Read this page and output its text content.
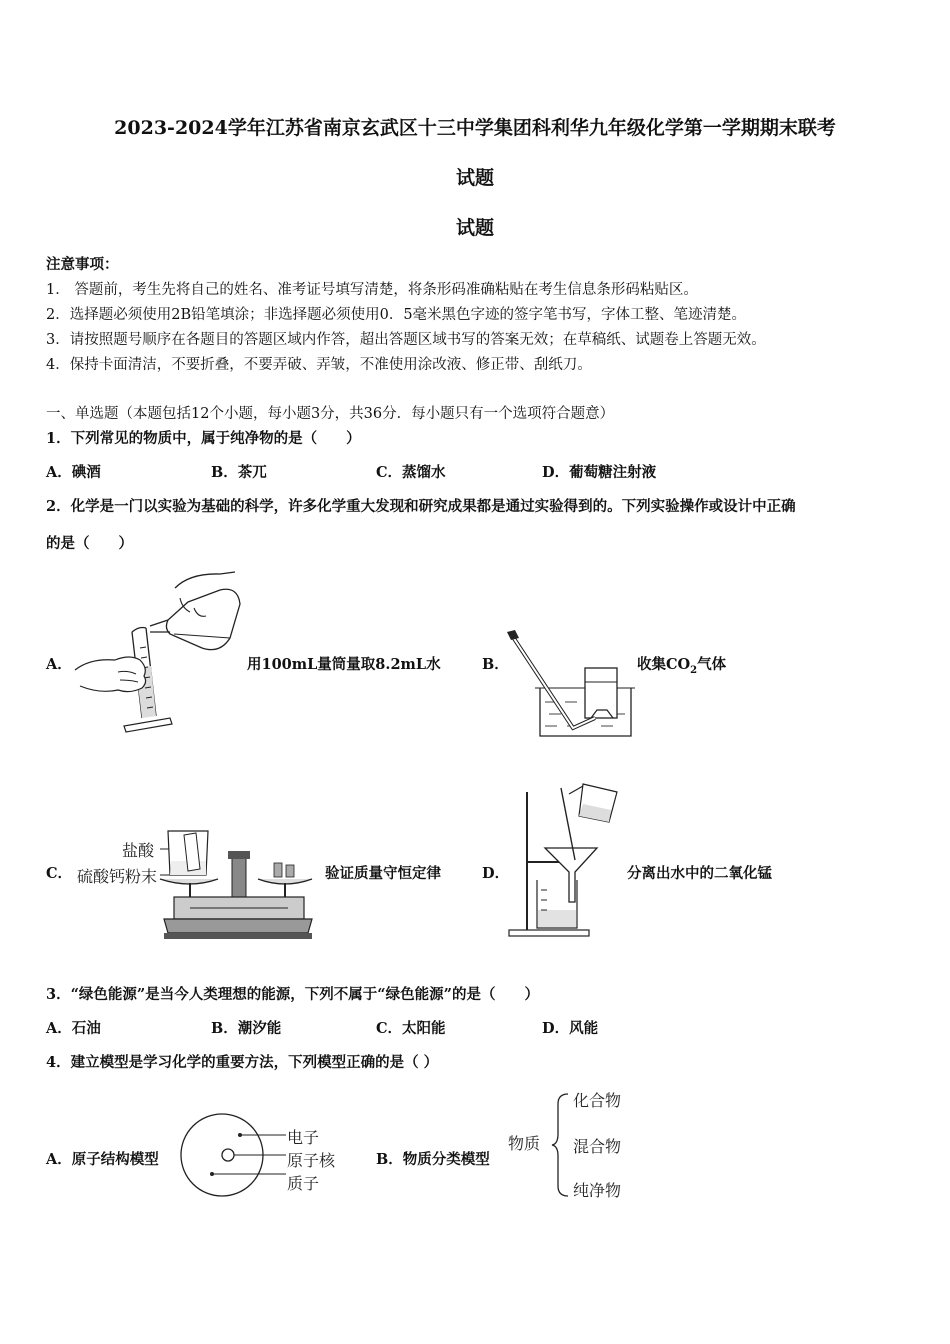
2023-2024学年江苏省南京玄武区十三中学集团科利华九年级化学第一学期期末联考
试题
试题
注意事项：
1． 答题前，考生先将自己的姓名、准考证号填写清楚，将条形码准确粘贴在考生信息条形码粘贴区。
2．选择题必须使用2B铅笔填涂；非选择题必须使用0．5毫米黑色字迹的签字笔书写，字体工整、笔迹清楚。
3．请按照题号顺序在各题目的答题区域内作答，超出答题区域书写的答案无效；在草稿纸、试题卷上答题无效。
4．保持卡面清洁，不要折叠，不要弄破、弄皱，不准使用涂改液、修正带、刮纸刀。
一、单选题（本题包括12个小题，每小题3分，共36分．每小题只有一个选项符合题意）
1．下列常见的物质中，属于纯净物的是（　　）
A．碘酒	B．茶兀	C．蒸馏水	D．葡萄糖注射液
2．化学是一门以实验为基础的科学，许多化学重大发现和研究成果都是通过实验得到的。下列实验操作或设计中正确
的是（　　）
A．	用100mL量筒量取8.2mL水	B．	收集$CO_2$气体
C．
盐酸
硫酸钙粉末	验证质量守恒定律	D．	分离出水中的二氧化锰
3．“绿色能源”是当今人类理想的能源，下列不属于“绿色能源”的是（　　）
A．石油	B．潮汐能	C．太阳能	D．风能
4．建立模型是学习化学的重要方法，下列模型正确的是（ ）
A．原子结构模型
电子
原子核
质子
B．物质分类模型
物质
化合物
混合物
纯净物
